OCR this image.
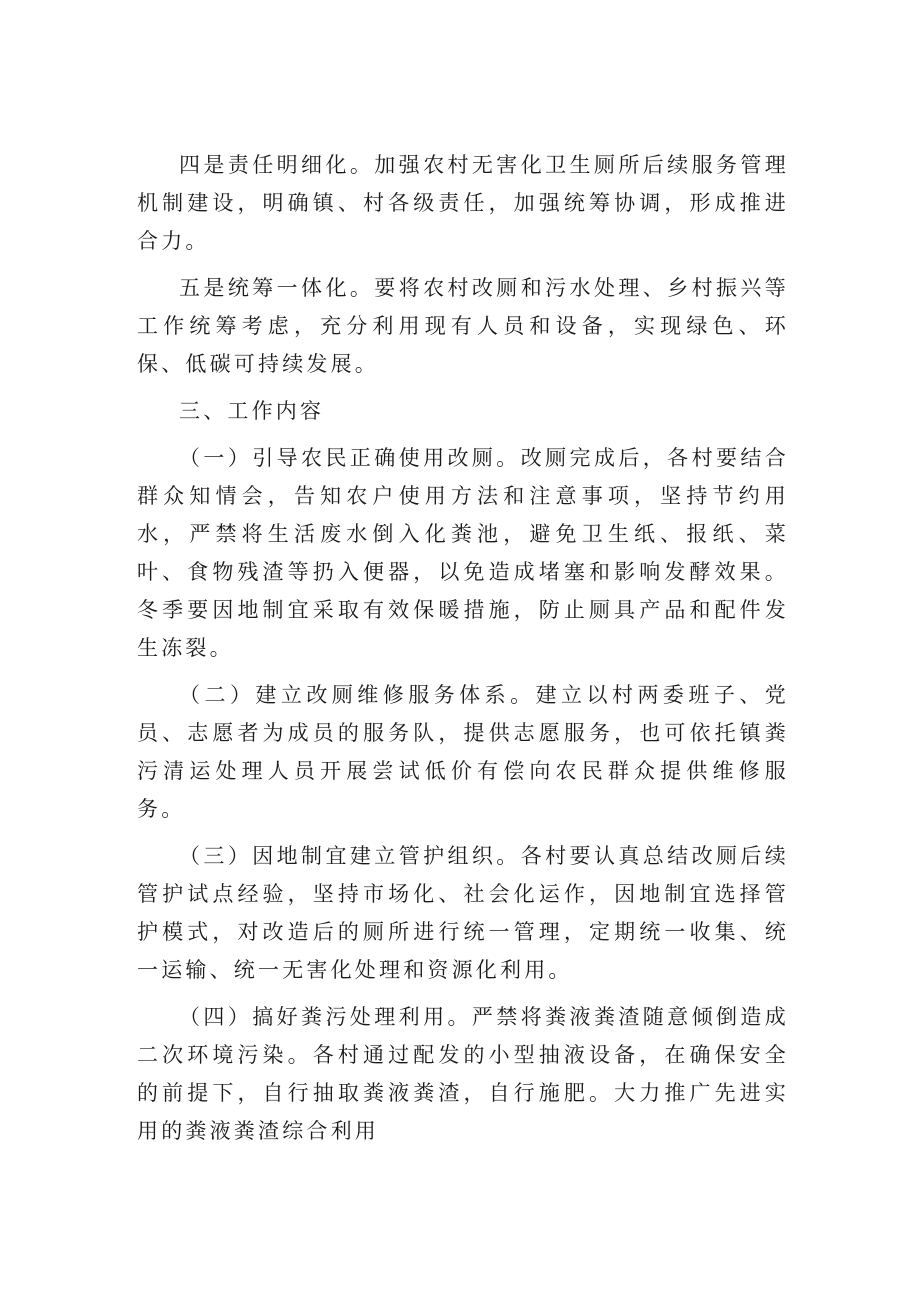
四是责任明细化。加强农村无害化卫生厕所后续服务管理机制建设，明确镇、村各级责任，加强统筹协调，形成推进合力。

五是统筹一体化。要将农村改厕和污水处理、乡村振兴等工作统筹考虑，充分利用现有人员和设备，实现绿色、环保、低碳可持续发展。

三、工作内容

（一）引导农民正确使用改厕。改厕完成后，各村要结合群众知情会，告知农户使用方法和注意事项，坚持节约用水，严禁将生活废水倒入化粪池，避免卫生纸、报纸、菜叶、食物残渣等扔入便器，以免造成堵塞和影响发酵效果。冬季要因地制宜采取有效保暖措施，防止厕具产品和配件发生冻裂。

（二）建立改厕维修服务体系。建立以村两委班子、党员、志愿者为成员的服务队，提供志愿服务，也可依托镇粪污清运处理人员开展尝试低价有偿向农民群众提供维修服务。

（三）因地制宜建立管护组织。各村要认真总结改厕后续管护试点经验，坚持市场化、社会化运作，因地制宜选择管护模式，对改造后的厕所进行统一管理，定期统一收集、统一运输、统一无害化处理和资源化利用。

（四）搞好粪污处理利用。严禁将粪液粪渣随意倾倒造成二次环境污染。各村通过配发的小型抽液设备，在确保安全的前提下，自行抽取粪液粪渣，自行施肥。大力推广先进实用的粪液粪渣综合利用
